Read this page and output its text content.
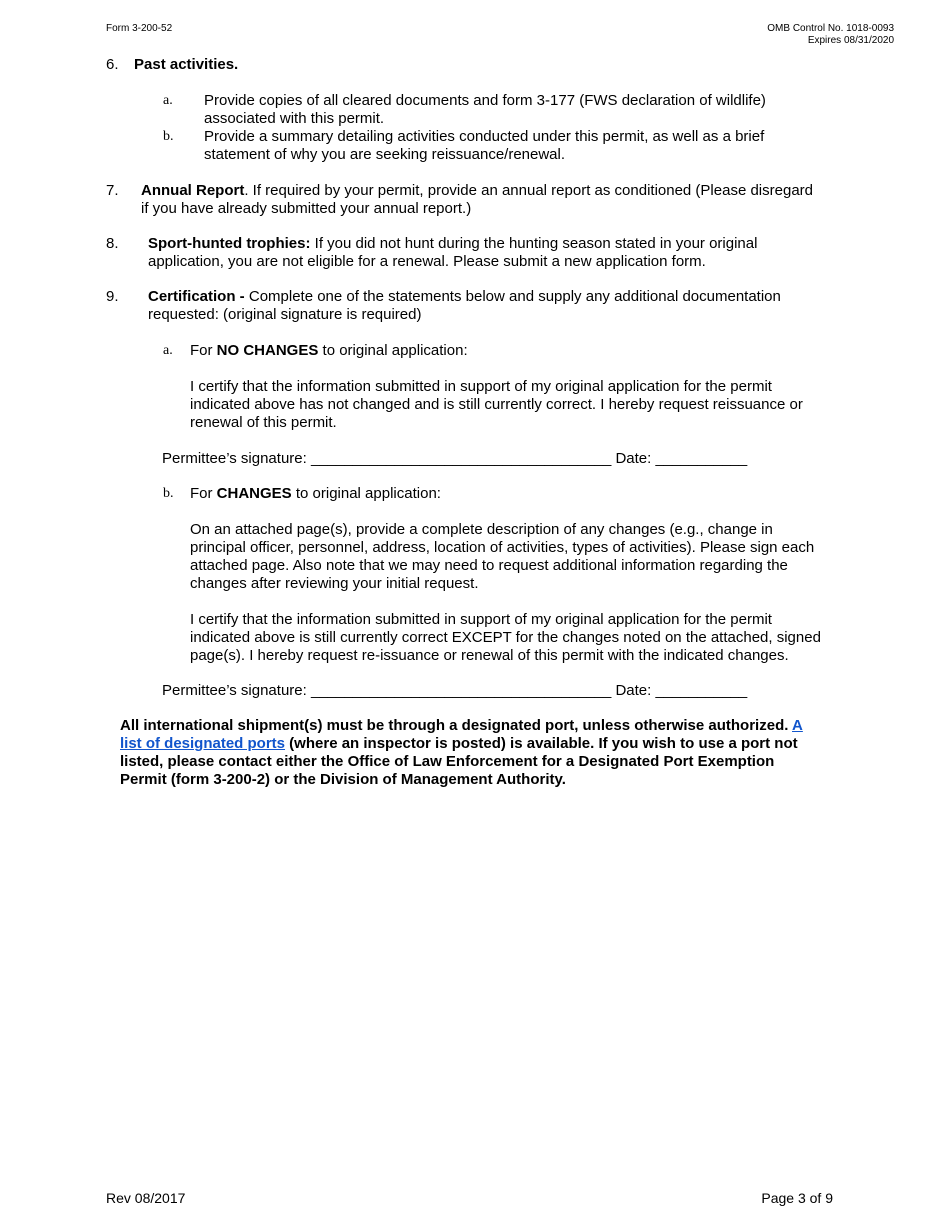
Form 3-200-52	OMB Control No. 1018-0093
Expires 08/31/2020
6. Past activities.
a. Provide copies of all cleared documents and form 3-177 (FWS declaration of wildlife)
associated with this permit.
b. Provide a summary detailing activities conducted under this permit, as well as a brief
statement of why you are seeking reissuance/renewal.
7. Annual Report. If required by your permit, provide an annual report as conditioned (Please disregard
if you have already submitted your annual report.)
8. Sport-hunted trophies: If you did not hunt during the hunting season stated in your original
application, you are not eligible for a renewal. Please submit a new application form.
9. Certification - Complete one of the statements below and supply any additional documentation
requested: (original signature is required)
a. For NO CHANGES to original application:
I certify that the information submitted in support of my original application for the permit
indicated above has not changed and is still currently correct. I hereby request reissuance or
renewal of this permit.
Permittee’s signature: ____________________________________ Date: ___________
b. For CHANGES to original application:
On an attached page(s), provide a complete description of any changes (e.g., change in
principal officer, personnel, address, location of activities, types of activities). Please sign each
attached page. Also note that we may need to request additional information regarding the
changes after reviewing your initial request.
I certify that the information submitted in support of my original application for the permit
indicated above is still currently correct EXCEPT for the changes noted on the attached, signed
page(s). I hereby request re-issuance or renewal of this permit with the indicated changes.
Permittee’s signature: ____________________________________ Date: ___________
All international shipment(s) must be through a designated port, unless otherwise authorized. A
list of designated ports (where an inspector is posted) is available. If you wish to use a port not
listed, please contact either the Office of Law Enforcement for a Designated Port Exemption
Permit (form 3-200-2) or the Division of Management Authority.
Rev 08/2017	Page 3 of 9
